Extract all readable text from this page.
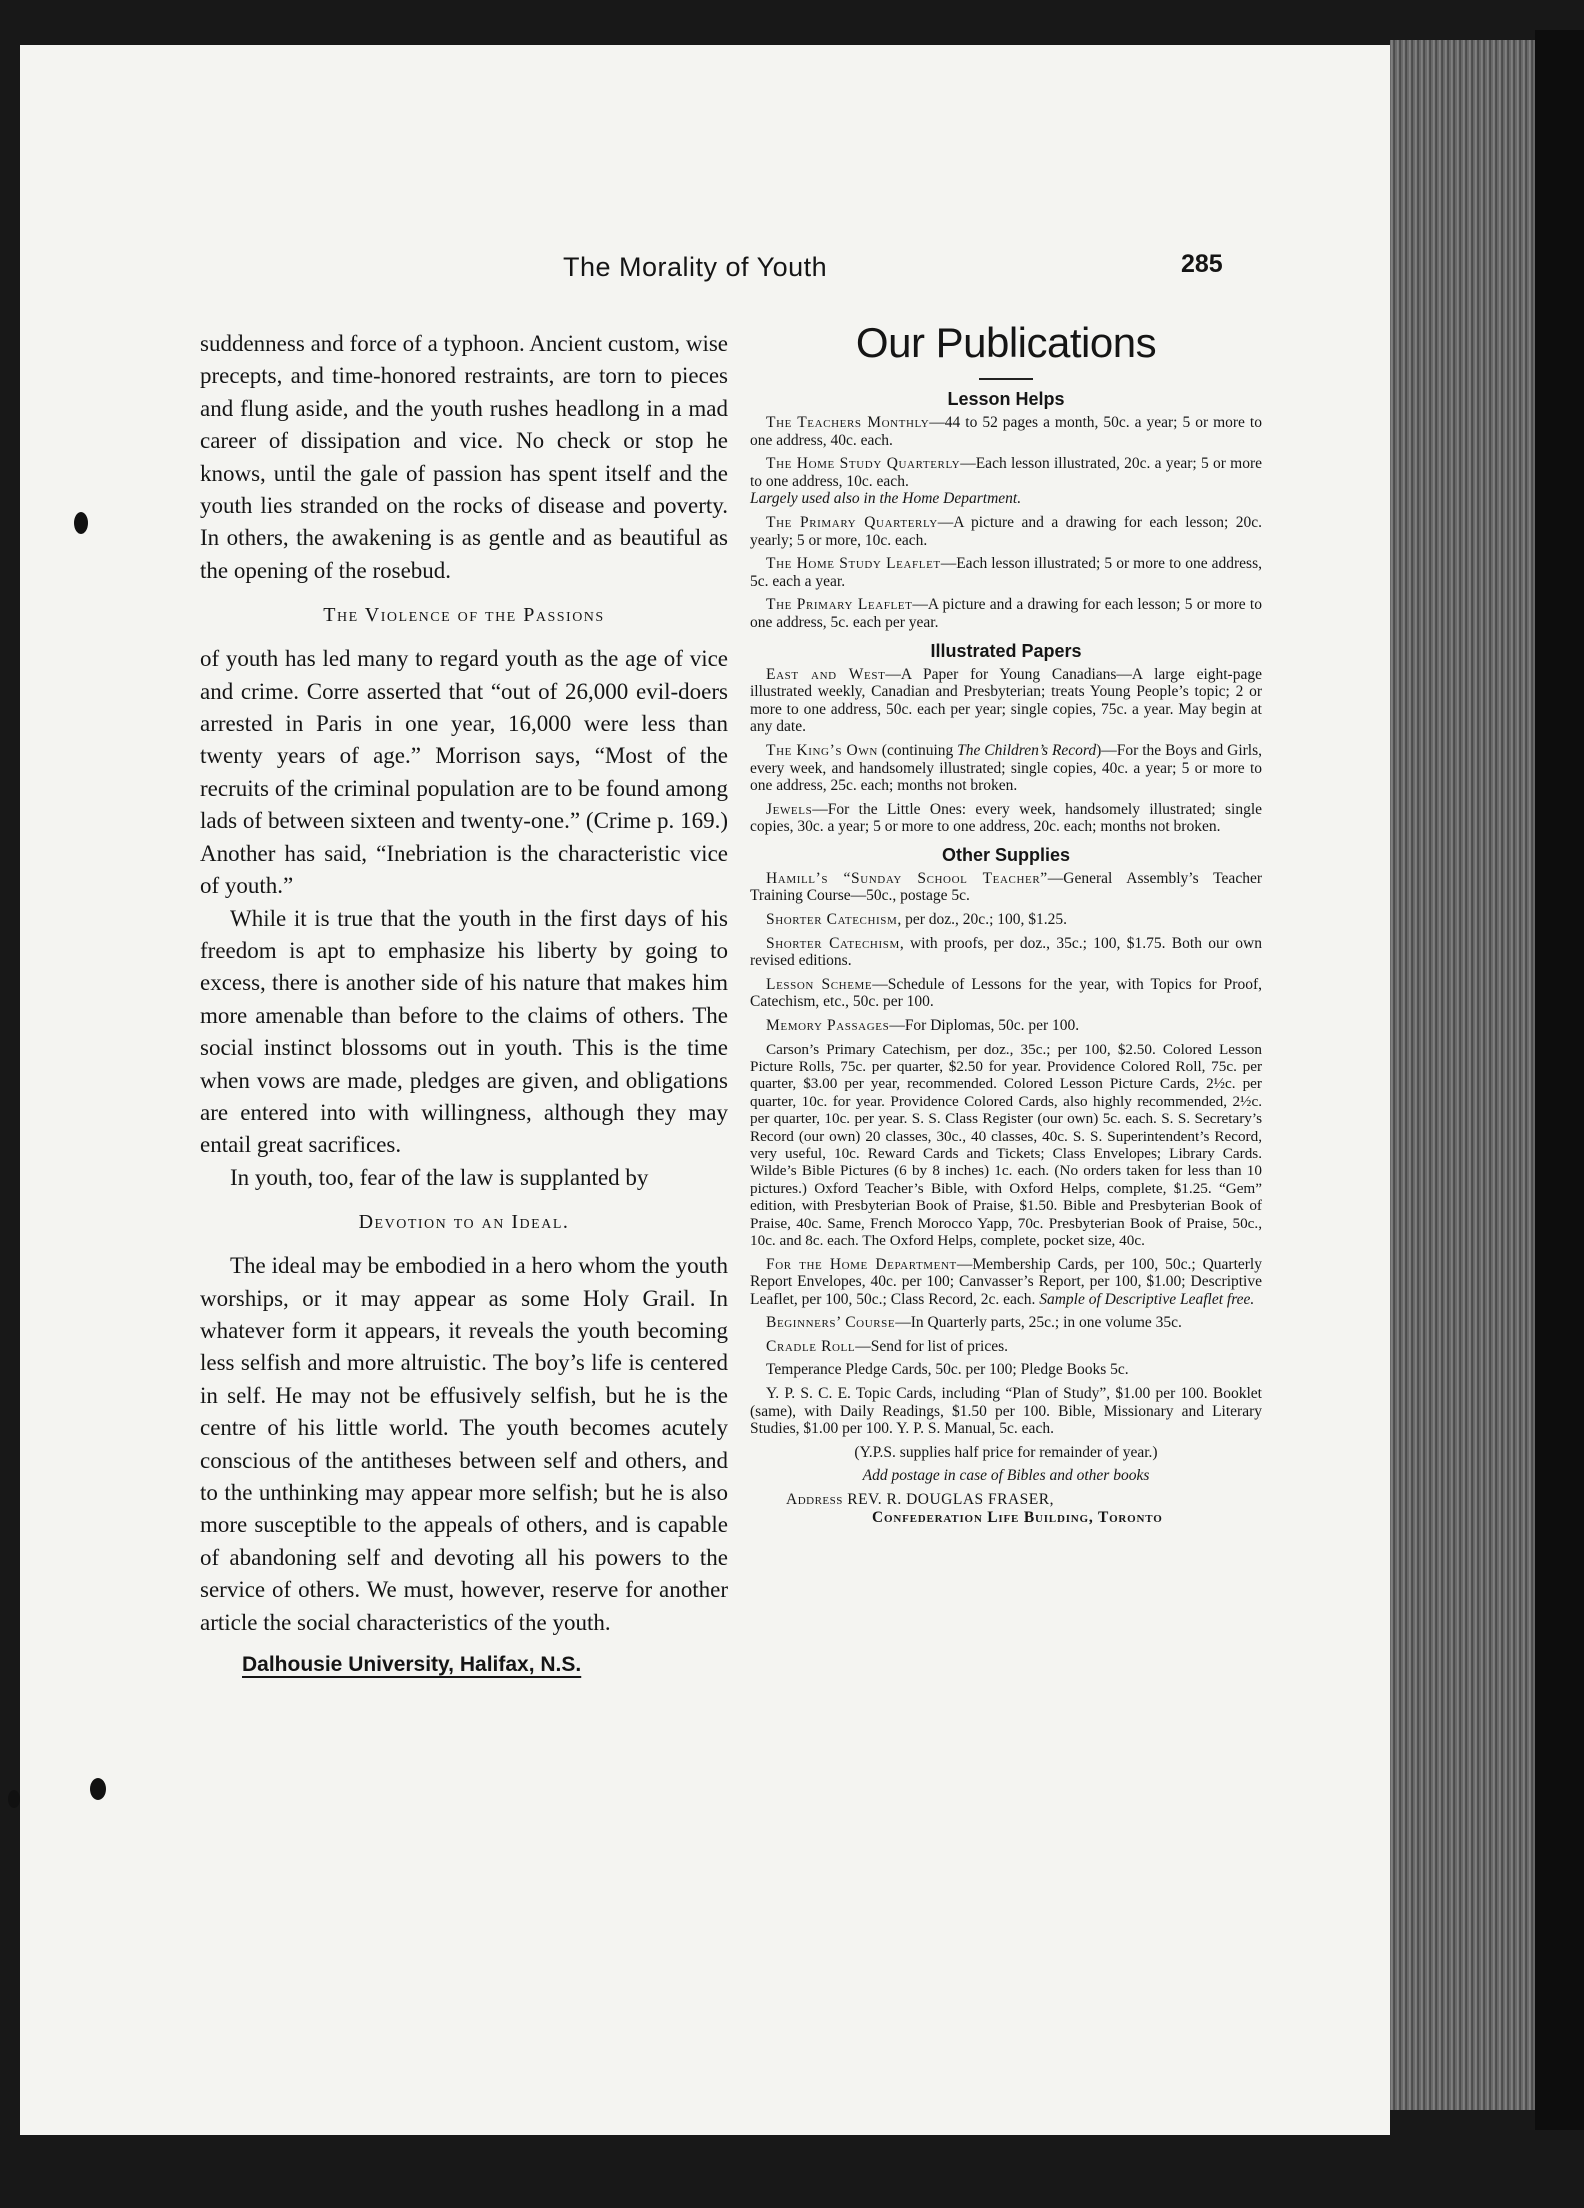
The Morality of Youth	285

suddenness and force of a typhoon. Ancient custom, wise precepts, and time-honored restraints, are torn to pieces and flung aside, and the youth rushes headlong in a mad career of dissipation and vice. No check or stop he knows, until the gale of passion has spent itself and the youth lies stranded on the rocks of disease and poverty. In others, the awakening is as gentle and as beautiful as the opening of the rosebud.

The Violence of the Passions

of youth has led many to regard youth as the age of vice and crime. Corre asserted that “out of 26,000 evil-doers arrested in Paris in one year, 16,000 were less than twenty years of age.” Morrison says, “Most of the recruits of the criminal population are to be found among lads of between sixteen and twenty-one.” (Crime p. 169.) Another has said, “Inebriation is the characteristic vice of youth.”

While it is true that the youth in the first days of his freedom is apt to emphasize his liberty by going to excess, there is another side of his nature that makes him more amenable than before to the claims of others. The social instinct blossoms out in youth. This is the time when vows are made, pledges are given, and obligations are entered into with willingness, although they may entail great sacrifices.

In youth, too, fear of the law is supplanted by

Devotion to an Ideal.

The ideal may be embodied in a hero whom the youth worships, or it may appear as some Holy Grail. In whatever form it appears, it reveals the youth becoming less selfish and more altruistic. The boy’s life is centered in self. He may not be effusively selfish, but he is the centre of his little world. The youth becomes acutely conscious of the antitheses between self and others, and to the unthinking may appear more selfish; but he is also more susceptible to the appeals of others, and is capable of abandoning self and devoting all his powers to the service of others. We must, however, reserve for another article the social characteristics of the youth.

Dalhousie University, Halifax, N.S.
Our Publications
Lesson Helps

The Teachers Monthly—44 to 52 pages a month, 50c. a year; 5 or more to one address, 40c. each.

The Home Study Quarterly—Each lesson illustrated, 20c. a year; 5 or more to one address, 10c. each.
Largely used also in the Home Department.

The Primary Quarterly—A picture and a drawing for each lesson; 20c. yearly; 5 or more, 10c. each.

The Home Study Leaflet—Each lesson illustrated; 5 or more to one address, 5c. each a year.

The Primary Leaflet—A picture and a drawing for each lesson; 5 or more to one address, 5c. each per year.

Illustrated Papers

East and West—A Paper for Young Canadians—A large eight-page illustrated weekly, Canadian and Presbyterian; treats Young People’s topic; 2 or more to one address, 50c. each per year; single copies, 75c. a year. May begin at any date.

The King’s Own (continuing The Children’s Record)—For the Boys and Girls, every week, and handsomely illustrated; single copies, 40c. a year; 5 or more to one address, 25c. each; months not broken.

Jewels—For the Little Ones: every week, handsomely illustrated; single copies, 30c. a year; 5 or more to one address, 20c. each; months not broken.

Other Supplies

Hamill’s “Sunday School Teacher”—General Assembly’s Teacher Training Course—50c., postage 5c.

Shorter Catechism, per doz., 20c.; 100, $1.25.

Shorter Catechism, with proofs, per doz., 35c.; 100, $1.75. Both our own revised editions.

Lesson Scheme—Schedule of Lessons for the year, with Topics for Proof, Catechism, etc., 50c. per 100.

Memory Passages—For Diplomas, 50c. per 100.

Carson’s Primary Catechism, per doz., 35c.; per 100, $2.50. Colored Lesson Picture Rolls, 75c. per quarter, $2.50 for year. Providence Colored Roll, 75c. per quarter, $3.00 per year, recommended. Colored Lesson Picture Cards, 2½c. per quarter, 10c. for year. Providence Colored Cards, also highly recommended, 2½c. per quarter, 10c. per year. S. S. Class Register (our own) 5c. each. S. S. Secretary’s Record (our own) 20 classes, 30c., 40 classes, 40c. S. S. Superintendent’s Record, very useful, 10c. Reward Cards and Tickets; Class Envelopes; Library Cards. Wilde’s Bible Pictures (6 by 8 inches) 1c. each. (No orders taken for less than 10 pictures.) Oxford Teacher’s Bible, with Oxford Helps, complete, $1.25. “Gem” edition, with Presbyterian Book of Praise, $1.50. Bible and Presbyterian Book of Praise, 40c. Same, French Morocco Yapp, 70c. Presbyterian Book of Praise, 50c., 10c. and 8c. each. The Oxford Helps, complete, pocket size, 40c.

For the Home Department—Membership Cards, per 100, 50c.; Quarterly Report Envelopes, 40c. per 100; Canvasser’s Report, per 100, $1.00; Descriptive Leaflet, per 100, 50c.; Class Record, 2c. each. Sample of Descriptive Leaflet free.

Beginners’ Course—In Quarterly parts, 25c.; in one volume 35c.

Cradle Roll—Send for list of prices.

Temperance Pledge Cards, 50c. per 100; Pledge Books 5c.

Y. P. S. C. E. Topic Cards, including “Plan of Study”, $1.00 per 100. Booklet (same), with Daily Readings, $1.50 per 100. Bible, Missionary and Literary Studies, $1.00 per 100. Y. P. S. Manual, 5c. each.

(Y.P.S. supplies half price for remainder of year.)

Add postage in case of Bibles and other books

Address REV. R. DOUGLAS FRASER,

Confederation Life Building, Toronto
